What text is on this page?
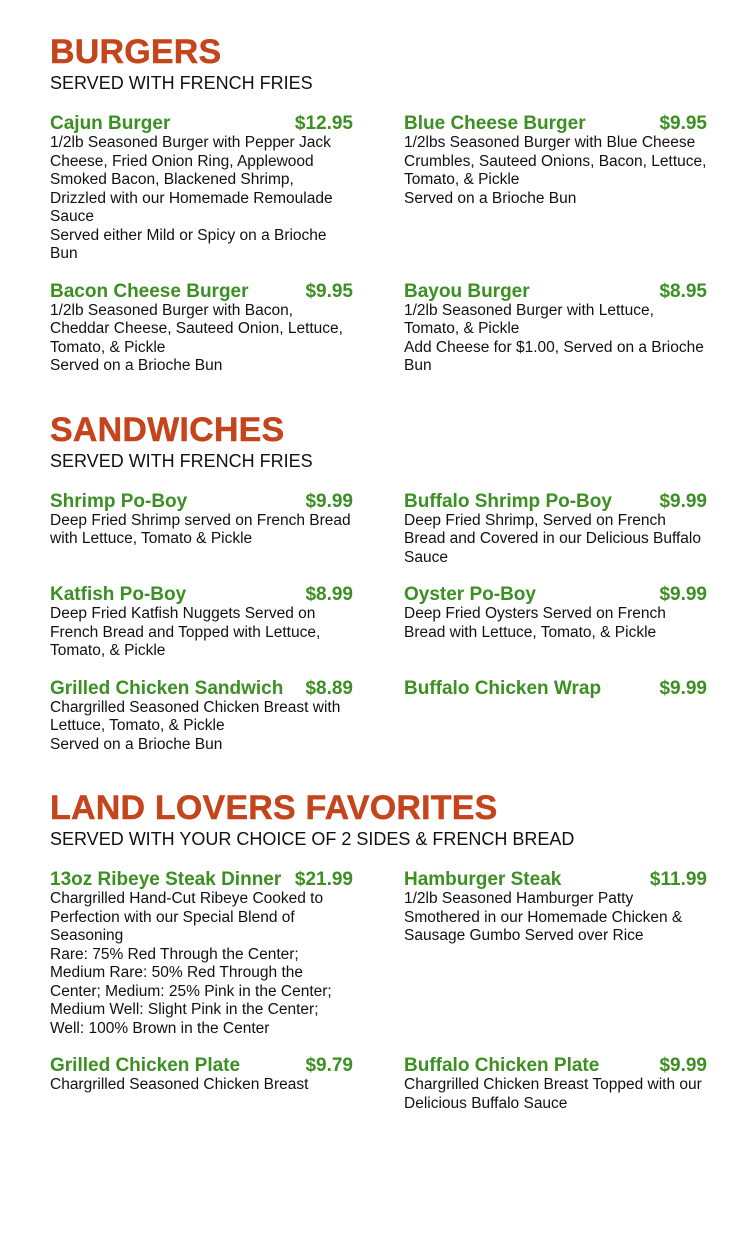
BURGERS

SERVED WITH FRENCH FRIES

Cajun Burger	$12.95
1/2lb Seasoned Burger with Pepper Jack Cheese, Fried Onion Ring, Applewood Smoked Bacon, Blackened Shrimp, Drizzled with our Homemade Remoulade Sauce
Served either Mild or Spicy on a Brioche Bun
Blue Cheese Burger	$9.95
1/2lbs Seasoned Burger with Blue Cheese Crumbles, Sauteed Onions, Bacon, Lettuce, Tomato, & Pickle
Served on a Brioche Bun
Bacon Cheese Burger	$9.95
1/2lb Seasoned Burger with Bacon, Cheddar Cheese, Sauteed Onion, Lettuce, Tomato, & Pickle
Served on a Brioche Bun
Bayou Burger	$8.95
1/2lb Seasoned Burger with Lettuce, Tomato, & Pickle
Add Cheese for $1.00, Served on a Brioche Bun
SANDWICHES

SERVED WITH FRENCH FRIES

Shrimp Po-Boy	$9.99
Deep Fried Shrimp served on French Bread with Lettuce, Tomato & Pickle
Buffalo Shrimp Po-Boy	$9.99
Deep Fried Shrimp, Served on French Bread and Covered in our Delicious Buffalo Sauce
Katfish Po-Boy	$8.99
Deep Fried Katfish Nuggets Served on French Bread and Topped with Lettuce, Tomato, & Pickle
Oyster Po-Boy	$9.99
Deep Fried Oysters Served on French Bread with Lettuce, Tomato, & Pickle
Grilled Chicken Sandwich $8.89
Chargrilled Seasoned Chicken Breast with Lettuce, Tomato, & Pickle
Served on a Brioche Bun
Buffalo Chicken Wrap	$9.99
LAND LOVERS FAVORITES

SERVED WITH YOUR CHOICE OF 2 SIDES & FRENCH BREAD

13oz Ribeye Steak Dinner $21.99
Chargrilled Hand-Cut Ribeye Cooked to Perfection with our Special Blend of Seasoning
Rare: 75% Red Through the Center; Medium Rare: 50% Red Through the Center; Medium: 25% Pink in the Center; Medium Well: Slight Pink in the Center; Well: 100% Brown in the Center
Hamburger Steak	$11.99
1/2lb Seasoned Hamburger Patty Smothered in our Homemade Chicken & Sausage Gumbo Served over Rice
Grilled Chicken Plate	$9.79
Chargrilled Seasoned Chicken Breast
Buffalo Chicken Plate	$9.99
Chargrilled Chicken Breast Topped with our Delicious Buffalo Sauce
